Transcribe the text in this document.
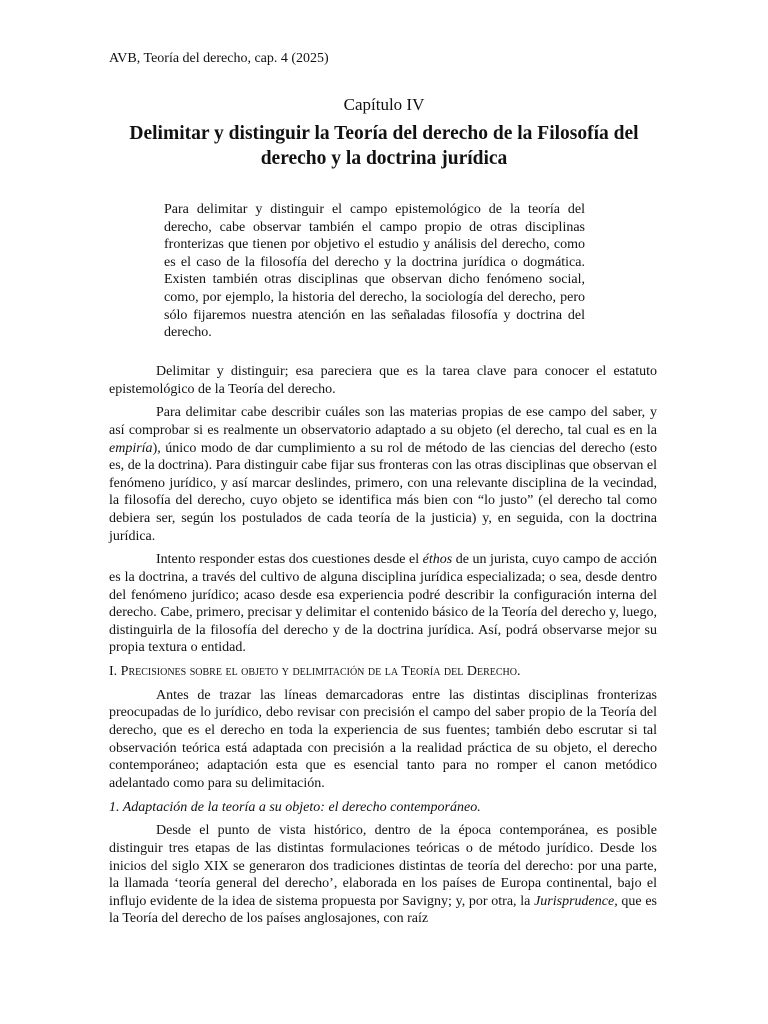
AVB, Teoría del derecho, cap. 4 (2025)
Capítulo IV
Delimitar y distinguir la Teoría del derecho de la Filosofía del derecho y la doctrina jurídica
Para delimitar y distinguir el campo epistemológico de la teoría del derecho, cabe observar también el campo propio de otras disciplinas fronterizas que tienen por objetivo el estudio y análisis del derecho, como es el caso de la filosofía del derecho y la doctrina jurídica o dogmática. Existen también otras disciplinas que observan dicho fenómeno social, como, por ejemplo, la historia del derecho, la sociología del derecho, pero sólo fijaremos nuestra atención en las señaladas filosofía y doctrina del derecho.

Delimitar y distinguir; esa pareciera que es la tarea clave para conocer el estatuto epistemológico de la Teoría del derecho.

Para delimitar cabe describir cuáles son las materias propias de ese campo del saber, y así comprobar si es realmente un observatorio adaptado a su objeto (el derecho, tal cual es en la empiría), único modo de dar cumplimiento a su rol de método de las ciencias del derecho (esto es, de la doctrina). Para distinguir cabe fijar sus fronteras con las otras disciplinas que observan el fenómeno jurídico, y así marcar deslindes, primero, con una relevante disciplina de la vecindad, la filosofía del derecho, cuyo objeto se identifica más bien con “lo justo” (el derecho tal como debiera ser, según los postulados de cada teoría de la justicia) y, en seguida, con la doctrina jurídica.

Intento responder estas dos cuestiones desde el éthos de un jurista, cuyo campo de acción es la doctrina, a través del cultivo de alguna disciplina jurídica especializada; o sea, desde dentro del fenómeno jurídico; acaso desde esa experiencia podré describir la configuración interna del derecho. Cabe, primero, precisar y delimitar el contenido básico de la Teoría del derecho y, luego, distinguirla de la filosofía del derecho y de la doctrina jurídica. Así, podrá observarse mejor su propia textura o entidad.

I. Precisiones sobre el objeto y delimitación de la Teoría del Derecho.

Antes de trazar las líneas demarcadoras entre las distintas disciplinas fronterizas preocupadas de lo jurídico, debo revisar con precisión el campo del saber propio de la Teoría del derecho, que es el derecho en toda la experiencia de sus fuentes; también debo escrutar si tal observación teórica está adaptada con precisión a la realidad práctica de su objeto, el derecho contemporáneo; adaptación esta que es esencial tanto para no romper el canon metódico adelantado como para su delimitación.

1. Adaptación de la teoría a su objeto: el derecho contemporáneo.

Desde el punto de vista histórico, dentro de la época contemporánea, es posible distinguir tres etapas de las distintas formulaciones teóricas o de método jurídico. Desde los inicios del siglo XIX se generaron dos tradiciones distintas de teoría del derecho: por una parte, la llamada ‘teoría general del derecho’, elaborada en los países de Europa continental, bajo el influjo evidente de la idea de sistema propuesta por Savigny; y, por otra, la Jurisprudence, que es la Teoría del derecho de los países anglosajones, con raíz
